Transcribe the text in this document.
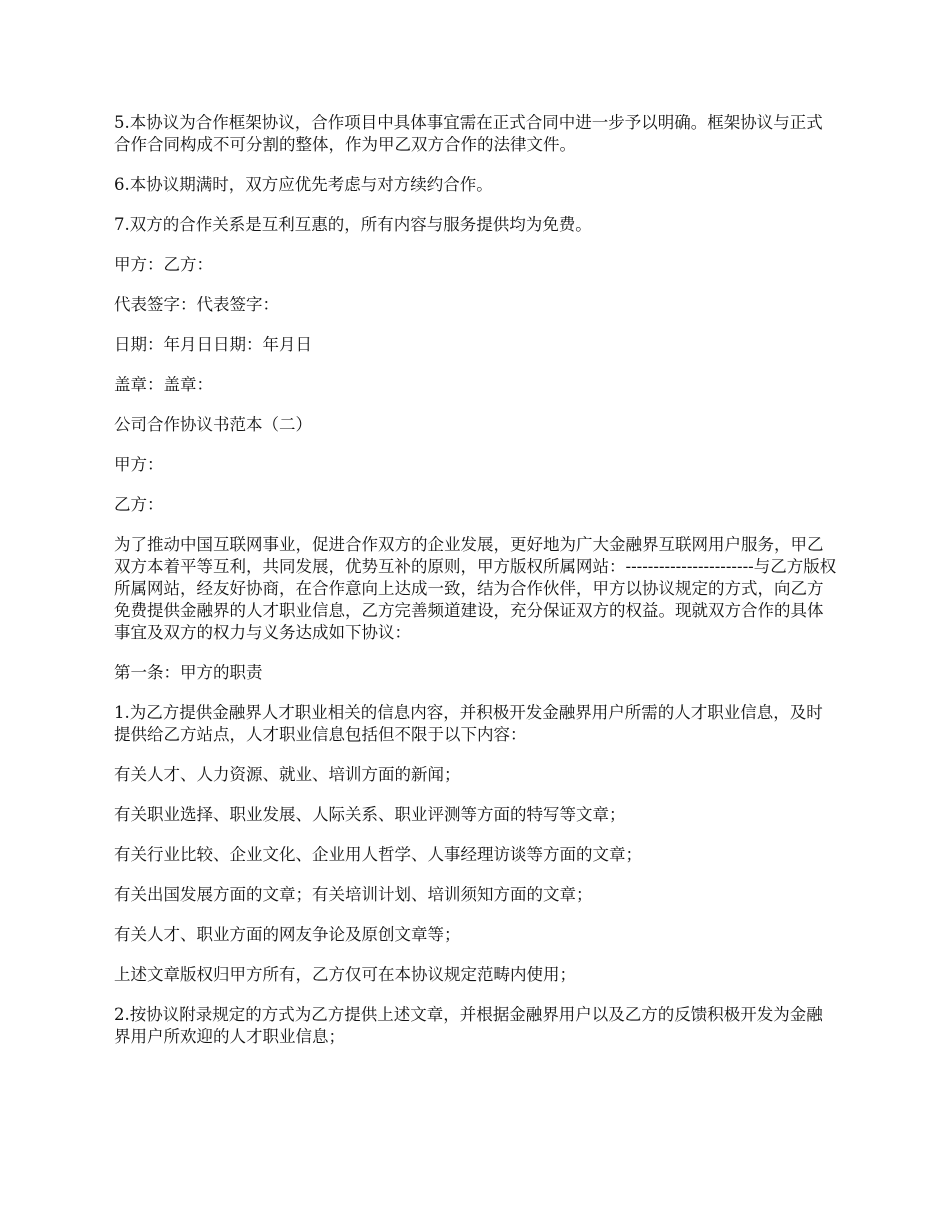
5.本协议为合作框架协议，合作项目中具体事宜需在正式合同中进一步予以明确。框架协议与正式合作合同构成不可分割的整体，作为甲乙双方合作的法律文件。

6.本协议期满时，双方应优先考虑与对方续约合作。

7.双方的合作关系是互利互惠的，所有内容与服务提供均为免费。

甲方：乙方：

代表签字：代表签字：

日期：年月日日期：年月日

盖章：盖章：

公司合作协议书范本（二）

甲方：

乙方：

为了推动中国互联网事业，促进合作双方的企业发展，更好地为广大金融界互联网用户服务，甲乙双方本着平等互利，共同发展，优势互补的原则，甲方版权所属网站：-----------------------与乙方版权所属网站，经友好协商，在合作意向上达成一致，结为合作伙伴，甲方以协议规定的方式，向乙方免费提供金融界的人才职业信息，乙方完善频道建设，充分保证双方的权益。现就双方合作的具体事宜及双方的权力与义务达成如下协议：

第一条：甲方的职责

1.为乙方提供金融界人才职业相关的信息内容，并积极开发金融界用户所需的人才职业信息，及时提供给乙方站点，人才职业信息包括但不限于以下内容：

有关人才、人力资源、就业、培训方面的新闻；

有关职业选择、职业发展、人际关系、职业评测等方面的特写等文章；

有关行业比较、企业文化、企业用人哲学、人事经理访谈等方面的文章；

有关出国发展方面的文章；有关培训计划、培训须知方面的文章；

有关人才、职业方面的网友争论及原创文章等；

上述文章版权归甲方所有，乙方仅可在本协议规定范畴内使用；

2.按协议附录规定的方式为乙方提供上述文章，并根据金融界用户以及乙方的反馈积极开发为金融界用户所欢迎的人才职业信息；
